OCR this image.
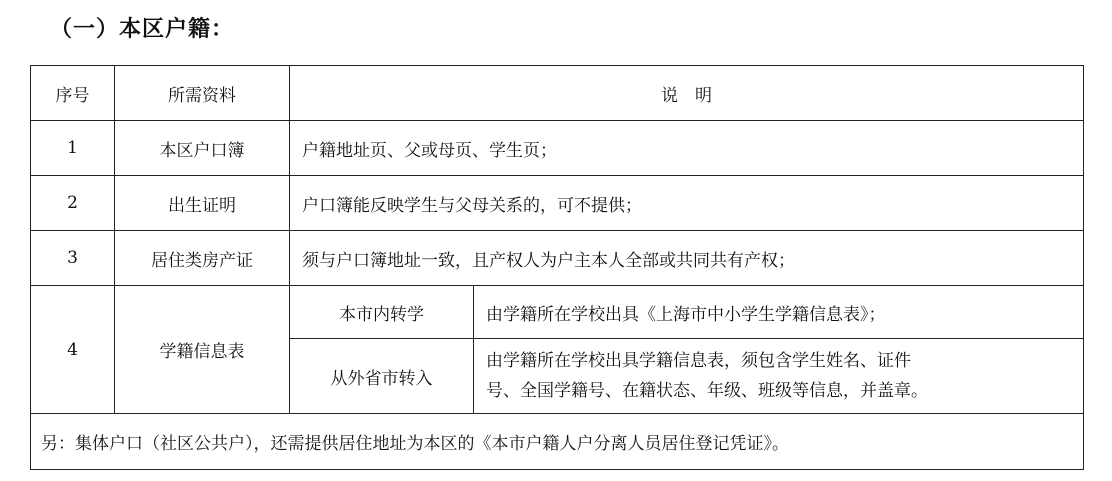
（一）本区户籍：
序号	所需资料	说　明	
1	本区户口簿	户籍地址页、父或母页、学生页；	
2	出生证明	户口簿能反映学生与父母关系的，可不提供；	
3	居住类房产证	须与户口簿地址一致，且产权人为户主本人全部或共同共有产权；	
4	学籍信息表	本市内转学	由学籍所在学校出具《上海市中小学生学籍信息表》；
		从外省市转入	由学籍所在学校出具学籍信息表，须包含学生姓名、证件
号、全国学籍号、在籍状态、年级、班级等信息，并盖章。

另：集体户口（社区公共户），还需提供居住地址为本区的《本市户籍人户分离人员居住登记凭证》。			
